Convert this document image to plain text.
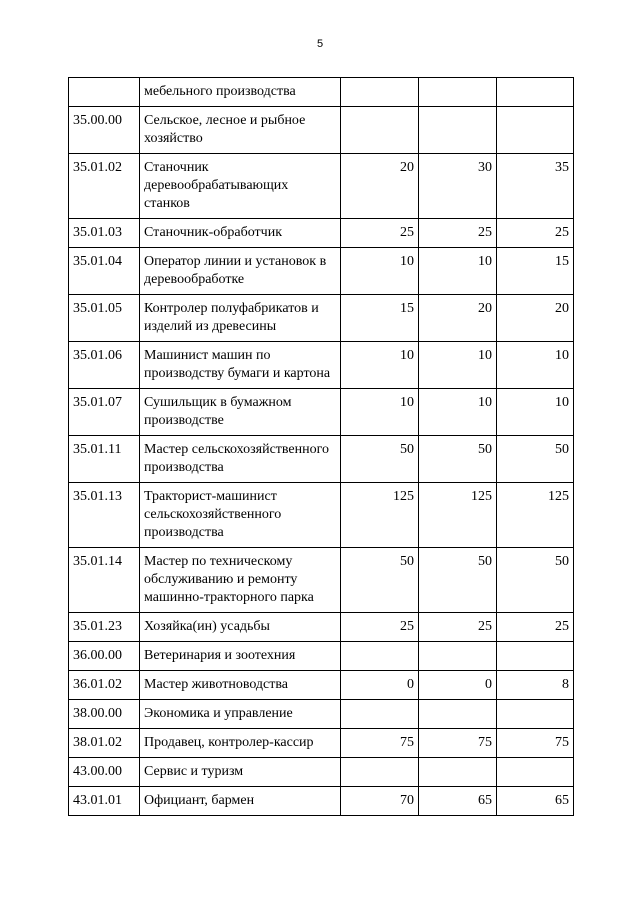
5
	мебельного производства			
35.00.00	Сельское, лесное и рыбное хозяйство			
35.01.02	Станочник деревообрабатывающих станков	20	30	35
35.01.03	Станочник-обработчик	25	25	25
35.01.04	Оператор линии и установок в деревообработке	10	10	15
35.01.05	Контролер полуфабрикатов и изделий из древесины	15	20	20
35.01.06	Машинист машин по производству бумаги и картона	10	10	10
35.01.07	Сушильщик в бумажном производстве	10	10	10
35.01.11	Мастер сельскохозяйственного производства	50	50	50
35.01.13	Тракторист-машинист сельскохозяйственного производства	125	125	125
35.01.14	Мастер по техническому обслуживанию и ремонту машинно-тракторного парка	50	50	50
35.01.23	Хозяйка(ин) усадьбы	25	25	25
36.00.00	Ветеринария и зоотехния			
36.01.02	Мастер животноводства	0	0	8
38.00.00	Экономика и управление			
38.01.02	Продавец, контролер-кассир	75	75	75
43.00.00	Сервис и туризм			
43.01.01	Официант, бармен	70	65	65
